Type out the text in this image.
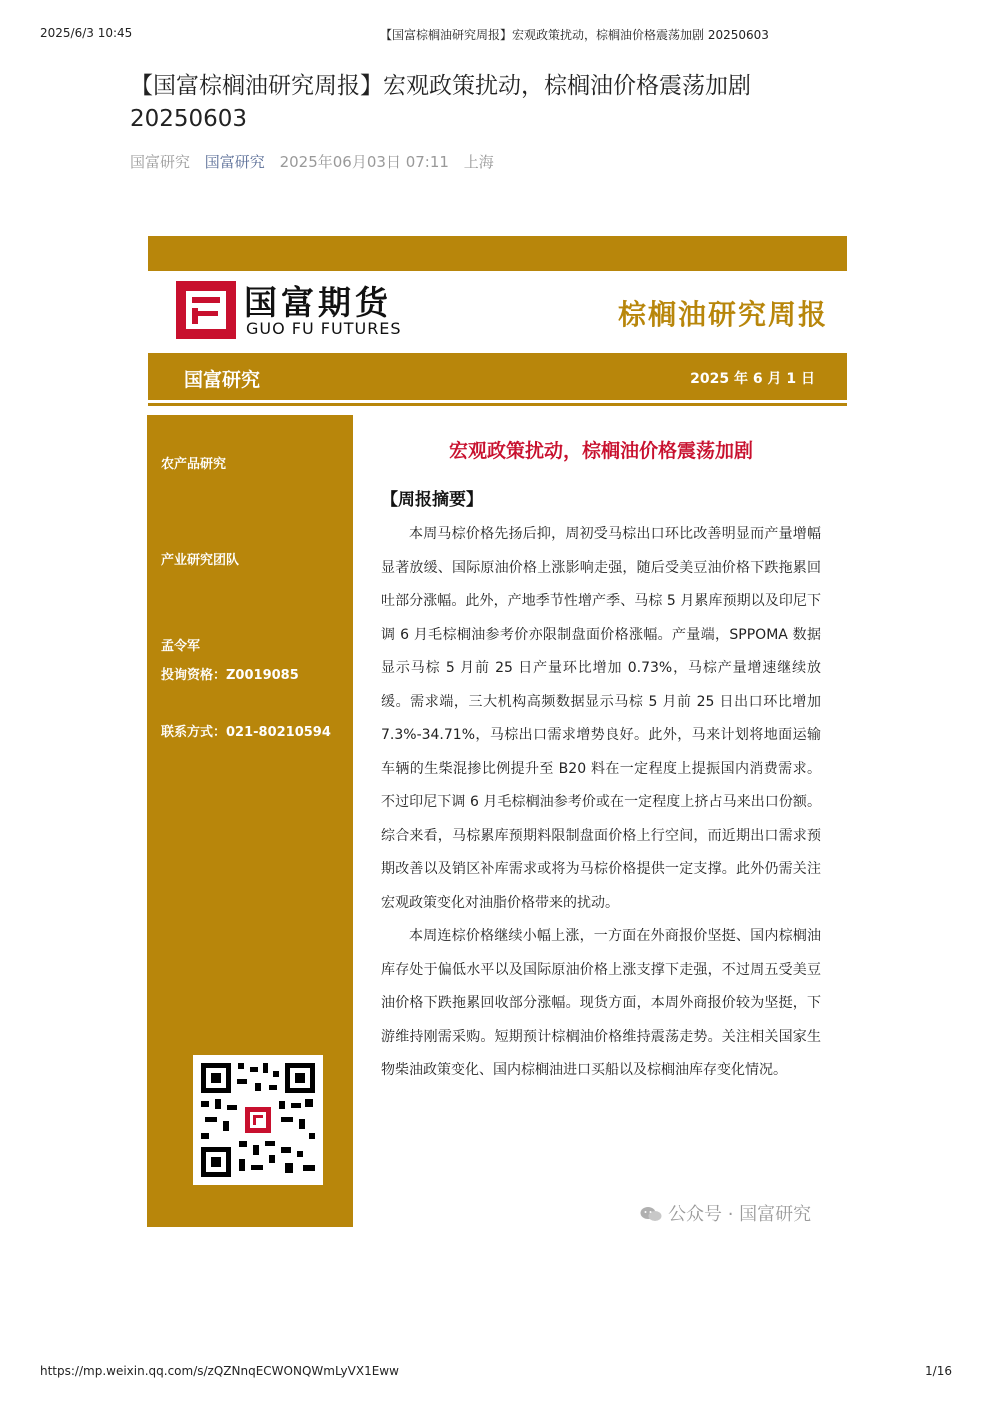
2025/6/3 10:45	【国富棕榈油研究周报】宏观政策扰动，棕榈油价格震荡加剧 20250603
【国富棕榈油研究周报】宏观政策扰动，棕榈油价格震荡加剧 20250603
国富研究 国富研究 2025年06月03日 07:11 上海
国富期货
GUO FU FUTURES	棕榈油研究周报
国富研究	2025 年 6 月 1 日
农产品研究
产业研究团队
孟令军
投询资格：Z0019085
联系方式：021-80210594
宏观政策扰动，棕榈油价格震荡加剧
【周报摘要】

本周马棕价格先扬后抑，周初受马棕出口环比改善明显而产量增幅显著放缓、国际原油价格上涨影响走强，随后受美豆油价格下跌拖累回吐部分涨幅。此外，产地季节性增产季、马棕 5 月累库预期以及印尼下调 6 月毛棕榈油参考价亦限制盘面价格涨幅。产量端，SPPOMA 数据显示马棕 5 月前 25 日产量环比增加 0.73%，马棕产量增速继续放缓。需求端，三大机构高频数据显示马棕 5 月前 25 日出口环比增加 7.3%-34.71%，马棕出口需求增势良好。此外，马来计划将地面运输车辆的生柴混掺比例提升至 B20 料在一定程度上提振国内消费需求。不过印尼下调 6 月毛棕榈油参考价或在一定程度上挤占马来出口份额。综合来看，马棕累库预期料限制盘面价格上行空间，而近期出口需求预期改善以及销区补库需求或将为马棕价格提供一定支撑。此外仍需关注宏观政策变化对油脂价格带来的扰动。

本周连棕价格继续小幅上涨，一方面在外商报价坚挺、国内棕榈油库存处于偏低水平以及国际原油价格上涨支撑下走强，不过周五受美豆油价格下跌拖累回收部分涨幅。现货方面，本周外商报价较为坚挺，下游维持刚需采购。短期预计棕榈油价格维持震荡走势。关注相关国家生物柴油政策变化、国内棕榈油进口买船以及棕榈油库存变化情况。

公众号 · 国富研究
https://mp.weixin.qq.com/s/zQZNnqECWONQWmLyVX1Eww	1/16
